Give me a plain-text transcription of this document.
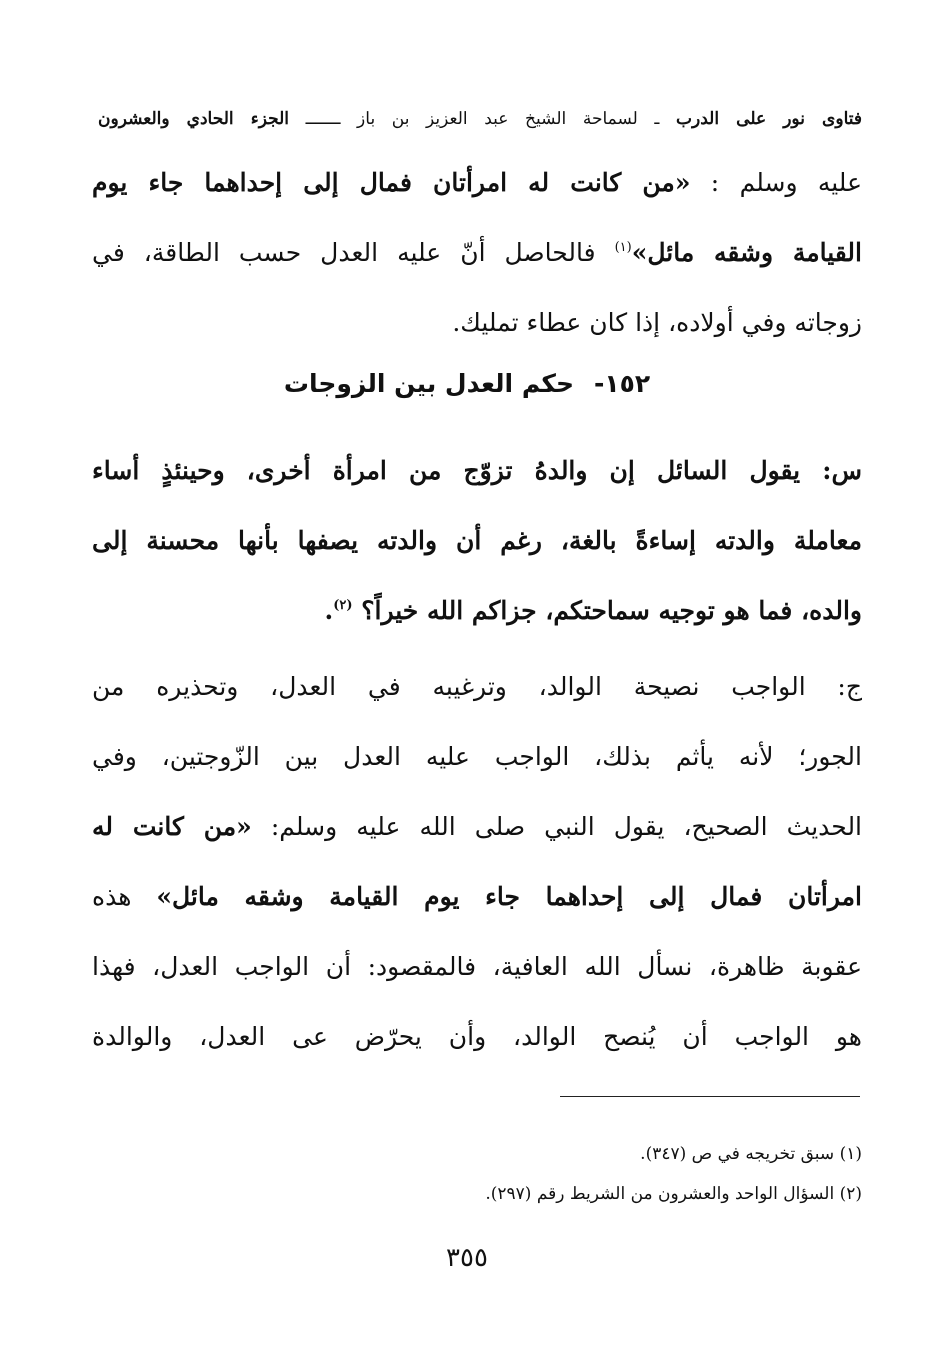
فتاوى نور على الدرب ـ لسماحة الشيخ عبد العزيز بن باز ـــــــ الجزء الحادي والعشرون
عليه وسلم : «من كانت له امرأتان فمال إلى إحداهما جاء يوم
القيامة وشقه مائل»$^{(١)}$ فالحاصل أنّ عليه العدل حسب الطاقة، في
زوجاته وفي أولاده، إذا كان عطاء تمليك.
١٥٢-حكم العدل بين الزوجات
س: يقول السائل إن والدهُ تزوّج من امرأة أخرى، وحينئذٍ أساء
معاملة والدته إساءةً بالغة، رغم أن والدته يصفها بأنها محسنة إلى
والده، فما هو توجيه سماحتكم، جزاكم الله خيراً؟ $^{(٢)}$.
ج: الواجب نصيحة الوالد، وترغيبه في العدل، وتحذيره من
الجور؛ لأنه يأثم بذلك، الواجب عليه العدل بين الزّوجتين، وفي
الحديث الصحيح، يقول النبي صلى الله عليه وسلم: «من كانت له
امرأتان فمال إلى إحداهما جاء يوم القيامة وشقه مائل» هذه
عقوبة ظاهرة، نسأل الله العافية، فالمقصود: أن الواجب العدل، فهذا
هو الواجب أن يُنصح الوالد، وأن يحرّض عى العدل، والوالدة
(١) سبق تخريجه في ص (٣٤٧).
(٢) السؤال الواحد والعشرون من الشريط رقم (٢٩٧).
٣٥٥
